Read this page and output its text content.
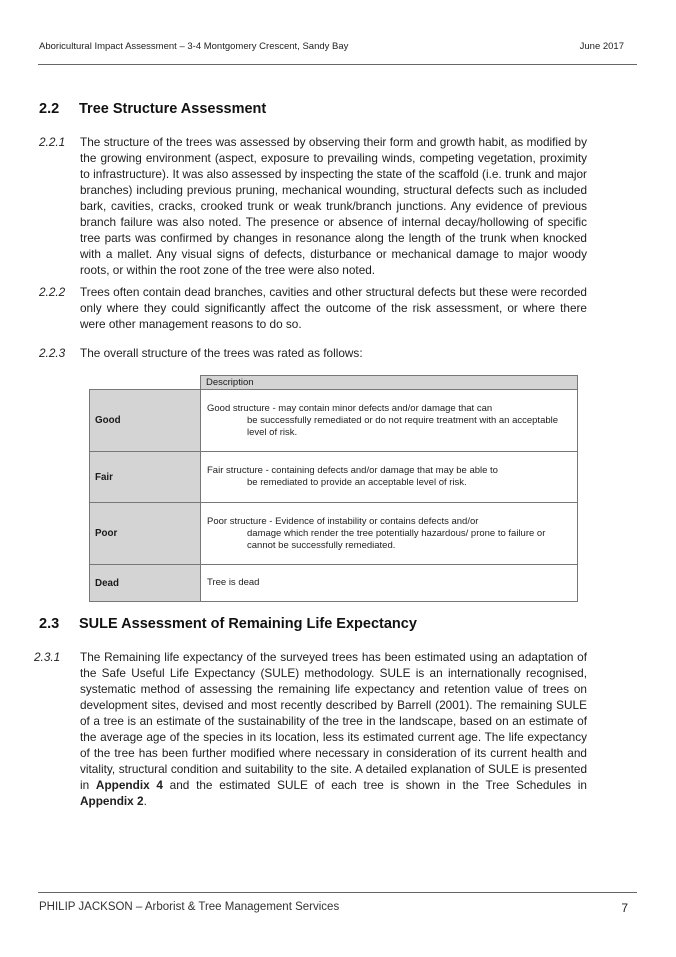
Aboricultural Impact Assessment – 3-4 Montgomery Crescent, Sandy Bay	June 2017
2.2 Tree Structure Assessment
2.2.1 The structure of the trees was assessed by observing their form and growth habit, as modified by the growing environment (aspect, exposure to prevailing winds, competing vegetation, proximity to infrastructure). It was also assessed by inspecting the state of the scaffold (i.e. trunk and major branches) including previous pruning, mechanical wounding, structural defects such as included bark, cavities, cracks, crooked trunk or weak trunk/branch junctions. Any evidence of previous branch failure was also noted. The presence or absence of internal decay/hollowing of specific tree parts was confirmed by changes in resonance along the length of the trunk when knocked with a mallet. Any visual signs of defects, disturbance or mechanical damage to major woody roots, or within the root zone of the tree were also noted.
2.2.2 Trees often contain dead branches, cavities and other structural defects but these were recorded only where they could significantly affect the outcome of the risk assessment, or where there were other management reasons to do so.
2.2.3 The overall structure of the trees was rated as follows:
	Description
Good	Good structure - may contain minor defects and/or damage that can
be successfully remediated or do not require treatment with an acceptable level of risk.

Fair	Fair structure - containing defects and/or damage that may be able to
be remediated to provide an acceptable level of risk.

Poor	Poor structure - Evidence of instability or contains defects and/or
damage which render the tree potentially hazardous/ prone to failure or cannot be successfully remediated.

Dead	Tree is dead
2.3 SULE Assessment of Remaining Life Expectancy
2.3.1 The Remaining life expectancy of the surveyed trees has been estimated using an adaptation of the Safe Useful Life Expectancy (SULE) methodology. SULE is an internationally recognised, systematic method of assessing the remaining life expectancy and retention value of trees on development sites, devised and most recently described by Barrell (2001). The remaining SULE of a tree is an estimate of the sustainability of the tree in the landscape, based on an estimate of the average age of the species in its location, less its estimated current age. The life expectancy of the tree has been further modified where necessary in consideration of its current health and vitality, structural condition and suitability to the site. A detailed explanation of SULE is presented in Appendix 4 and the estimated SULE of each tree is shown in the Tree Schedules in Appendix 2.
PHILIP JACKSON – Arborist & Tree Management Services	7
